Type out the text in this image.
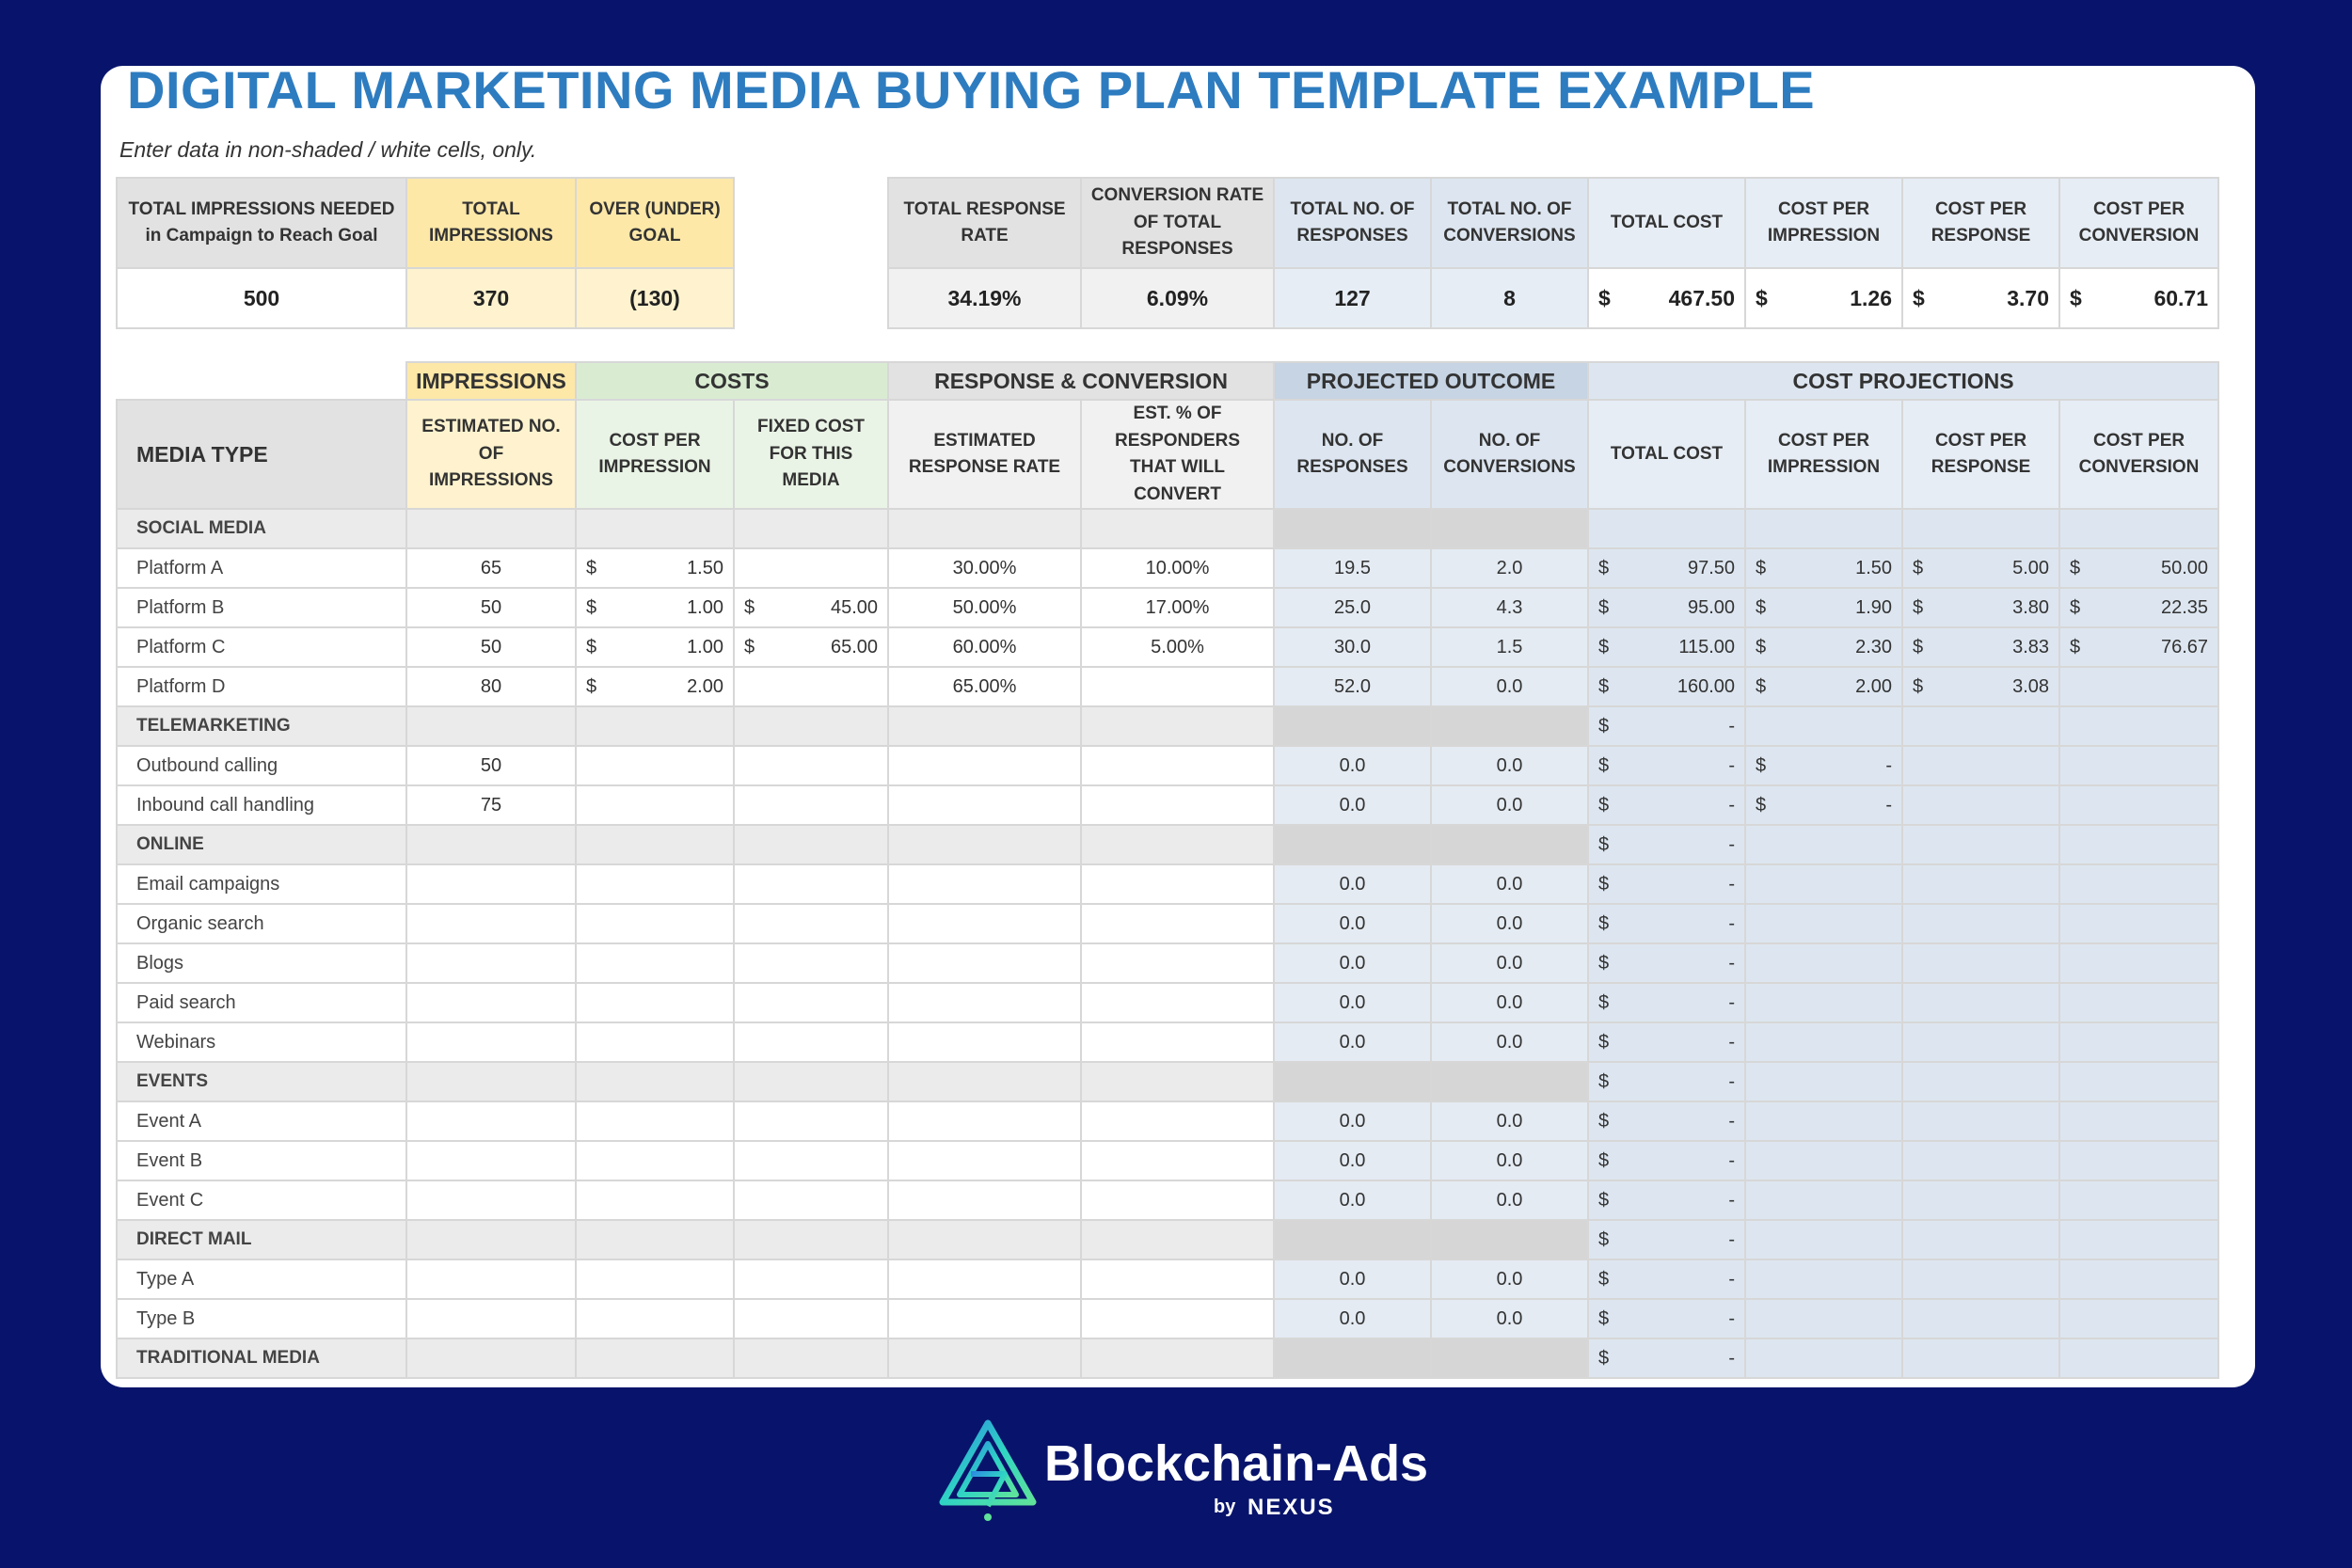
DIGITAL MARKETING MEDIA BUYING PLAN TEMPLATE EXAMPLE
Enter data in non-shaded / white cells, only.
TOTAL IMPRESSIONS NEEDED in Campaign to Reach Goal	TOTAL IMPRESSIONS	OVER (UNDER) GOAL
500	370	(130)
TOTAL RESPONSE RATE	CONVERSION RATE OF TOTAL RESPONSES	TOTAL NO. OF RESPONSES	TOTAL NO. OF CONVERSIONS	TOTAL COST	COST PER IMPRESSION	COST PER RESPONSE	COST PER CONVERSION
34.19%	6.09%	127	8	$ 467.50	$ 1.26	$ 3.70	$ 60.71
	IMPRESSIONS	COSTS		RESPONSE & CONVERSION		PROJECTED OUTCOME		COST PROJECTIONS			
MEDIA TYPE	ESTIMATED NO. OF IMPRESSIONS	COST PER IMPRESSION	FIXED COST FOR THIS MEDIA	ESTIMATED RESPONSE RATE	EST. % OF RESPONDERS THAT WILL CONVERT	NO. OF RESPONSES	NO. OF CONVERSIONS	TOTAL COST	COST PER IMPRESSION	COST PER RESPONSE	COST PER CONVERSION
SOCIAL MEDIA											
Platform A	65	$ 1.50		30.00%	10.00%	19.5	2.0	$ 97.50	$ 1.50	$ 5.00	$ 50.00

Platform B	50	$ 1.00	$ 45.00	50.00%	17.00%	25.0	4.3	$ 95.00	$ 1.90	$ 3.80	$ 22.35

Platform C	50	$ 1.00	$ 65.00	60.00%	5.00%	30.0	1.5	$ 115.00	$ 2.30	$ 3.83	$ 76.67

Platform D	80	$ 2.00		65.00%		52.0	0.0	$ 160.00	$ 2.00	$ 3.08	

TELEMARKETING								$ -			

Outbound calling	50					0.0	0.0	$ -	$ -		

Inbound call handling	75					0.0	0.0	$ -	$ -		

ONLINE								$ -			

Email campaigns						0.0	0.0	$ -			

Organic search						0.0	0.0	$ -			

Blogs						0.0	0.0	$ -			

Paid search						0.0	0.0	$ -			

Webinars						0.0	0.0	$ -			

EVENTS								$ -			

Event A						0.0	0.0	$ -			

Event B						0.0	0.0	$ -			

Event C						0.0	0.0	$ -			

DIRECT MAIL								$ -			

Type A						0.0	0.0	$ -			

Type B						0.0	0.0	$ -			

TRADITIONAL MEDIA								$ -			

Blockchain-Ads
by NEXUS
